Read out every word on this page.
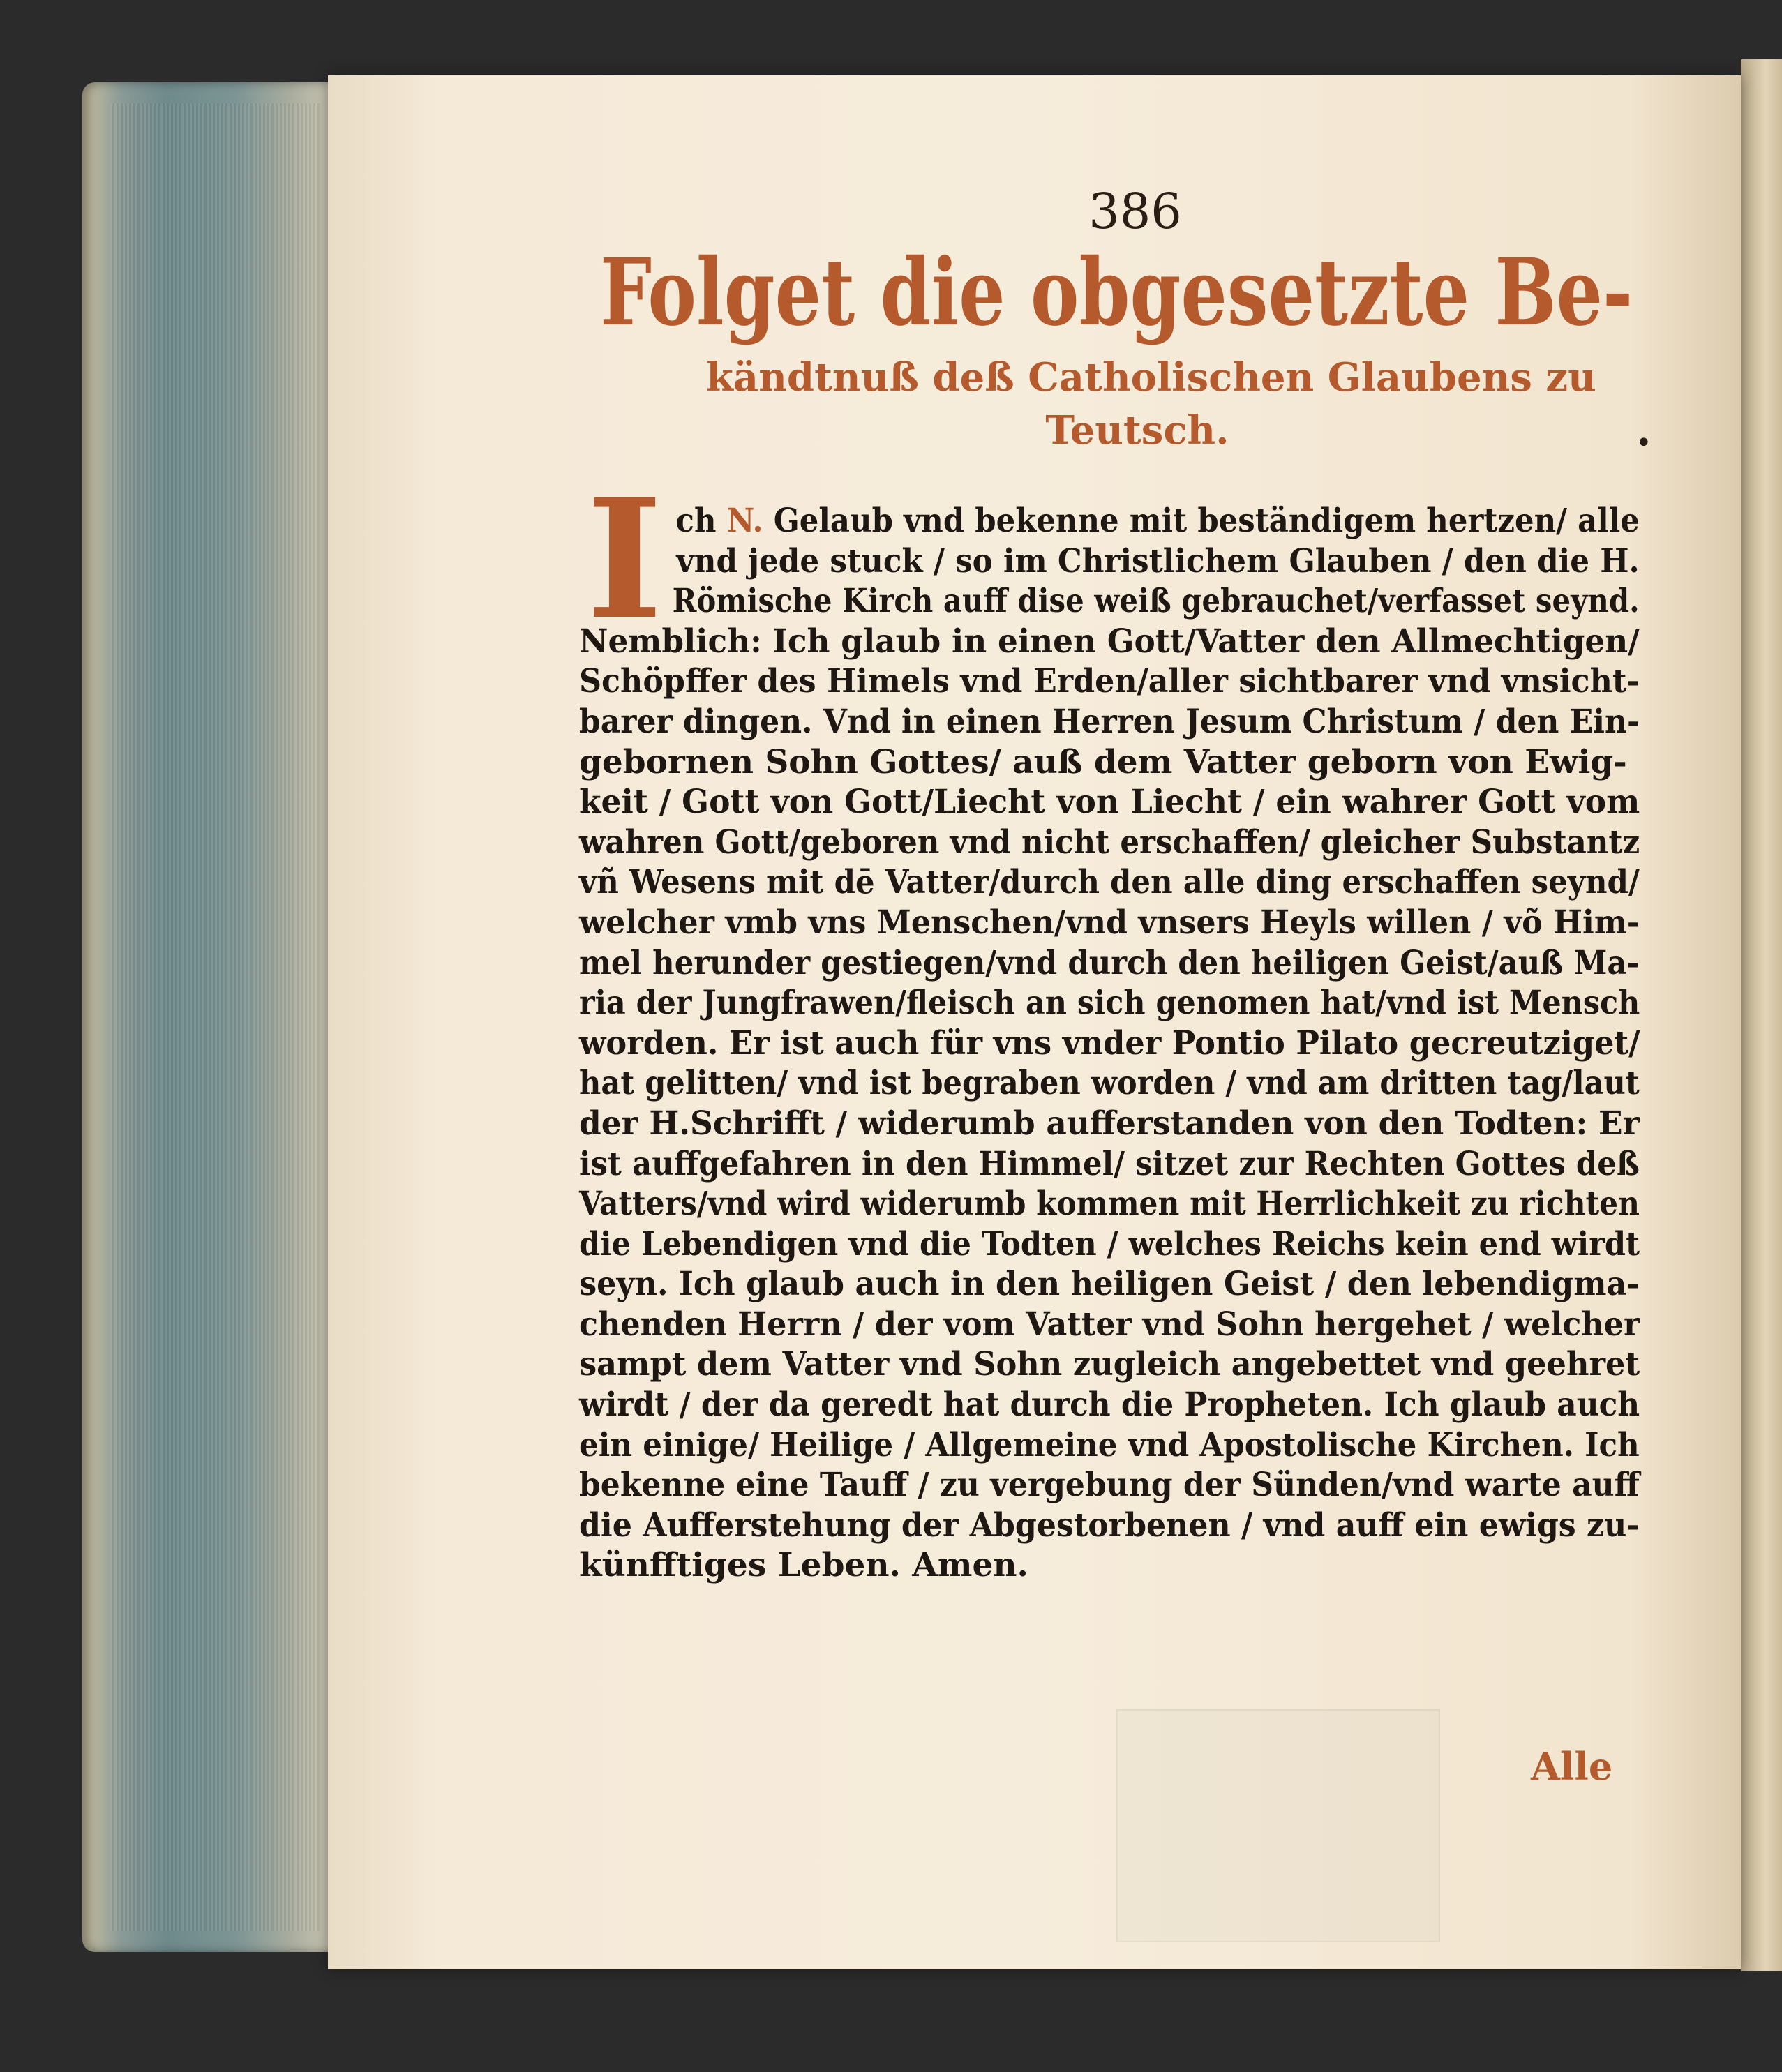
386
Folget die obgesetzte Be-
kändtnuß deß Catholischen Glaubens zu
Teutsch.	•
I ch N. Gelaub vnd bekenne mit beständigem hertzen/ alle
vnd jede stuck / so im Christlichem Glauben / den die H.
Römische Kirch auff dise weiß gebrauchet/verfasset seynd.
Nemblich: Ich glaub in einen Gott/Vatter den Allmechtigen/
Schöpffer des Himels vnd Erden/aller sichtbarer vnd vnsicht-
barer dingen. Vnd in einen Herren Jesum Christum / den Ein-
gebornen Sohn Gottes/ auß dem Vatter geborn von Ewig-
keit / Gott von Gott/Liecht von Liecht / ein wahrer Gott vom
wahren Gott/geboren vnd nicht erschaffen/ gleicher Substantz
vñ Wesens mit dē Vatter/durch den alle ding erschaffen seynd/
welcher vmb vns Menschen/vnd vnsers Heyls willen / võ Him-
mel herunder gestiegen/vnd durch den heiligen Geist/auß Ma-
ria der Jungfrawen/fleisch an sich genomen hat/vnd ist Mensch
worden. Er ist auch für vns vnder Pontio Pilato gecreutziget/
hat gelitten/ vnd ist begraben worden / vnd am dritten tag/laut
der H.Schrifft / widerumb aufferstanden von den Todten: Er
ist auffgefahren in den Himmel/ sitzet zur Rechten Gottes deß
Vatters/vnd wird widerumb kommen mit Herrlichkeit zu richten
die Lebendigen vnd die Todten / welches Reichs kein end wirdt
seyn. Ich glaub auch in den heiligen Geist / den lebendigma-
chenden Herrn / der vom Vatter vnd Sohn hergehet / welcher
sampt dem Vatter vnd Sohn zugleich angebettet vnd geehret
wirdt / der da geredt hat durch die Propheten. Ich glaub auch
ein einige/ Heilige / Allgemeine vnd Apostolische Kirchen. Ich
bekenne eine Tauff / zu vergebung der Sünden/vnd warte auff
die Aufferstehung der Abgestorbenen / vnd auff ein ewigs zu-
künfftiges Leben. Amen.
Alle
